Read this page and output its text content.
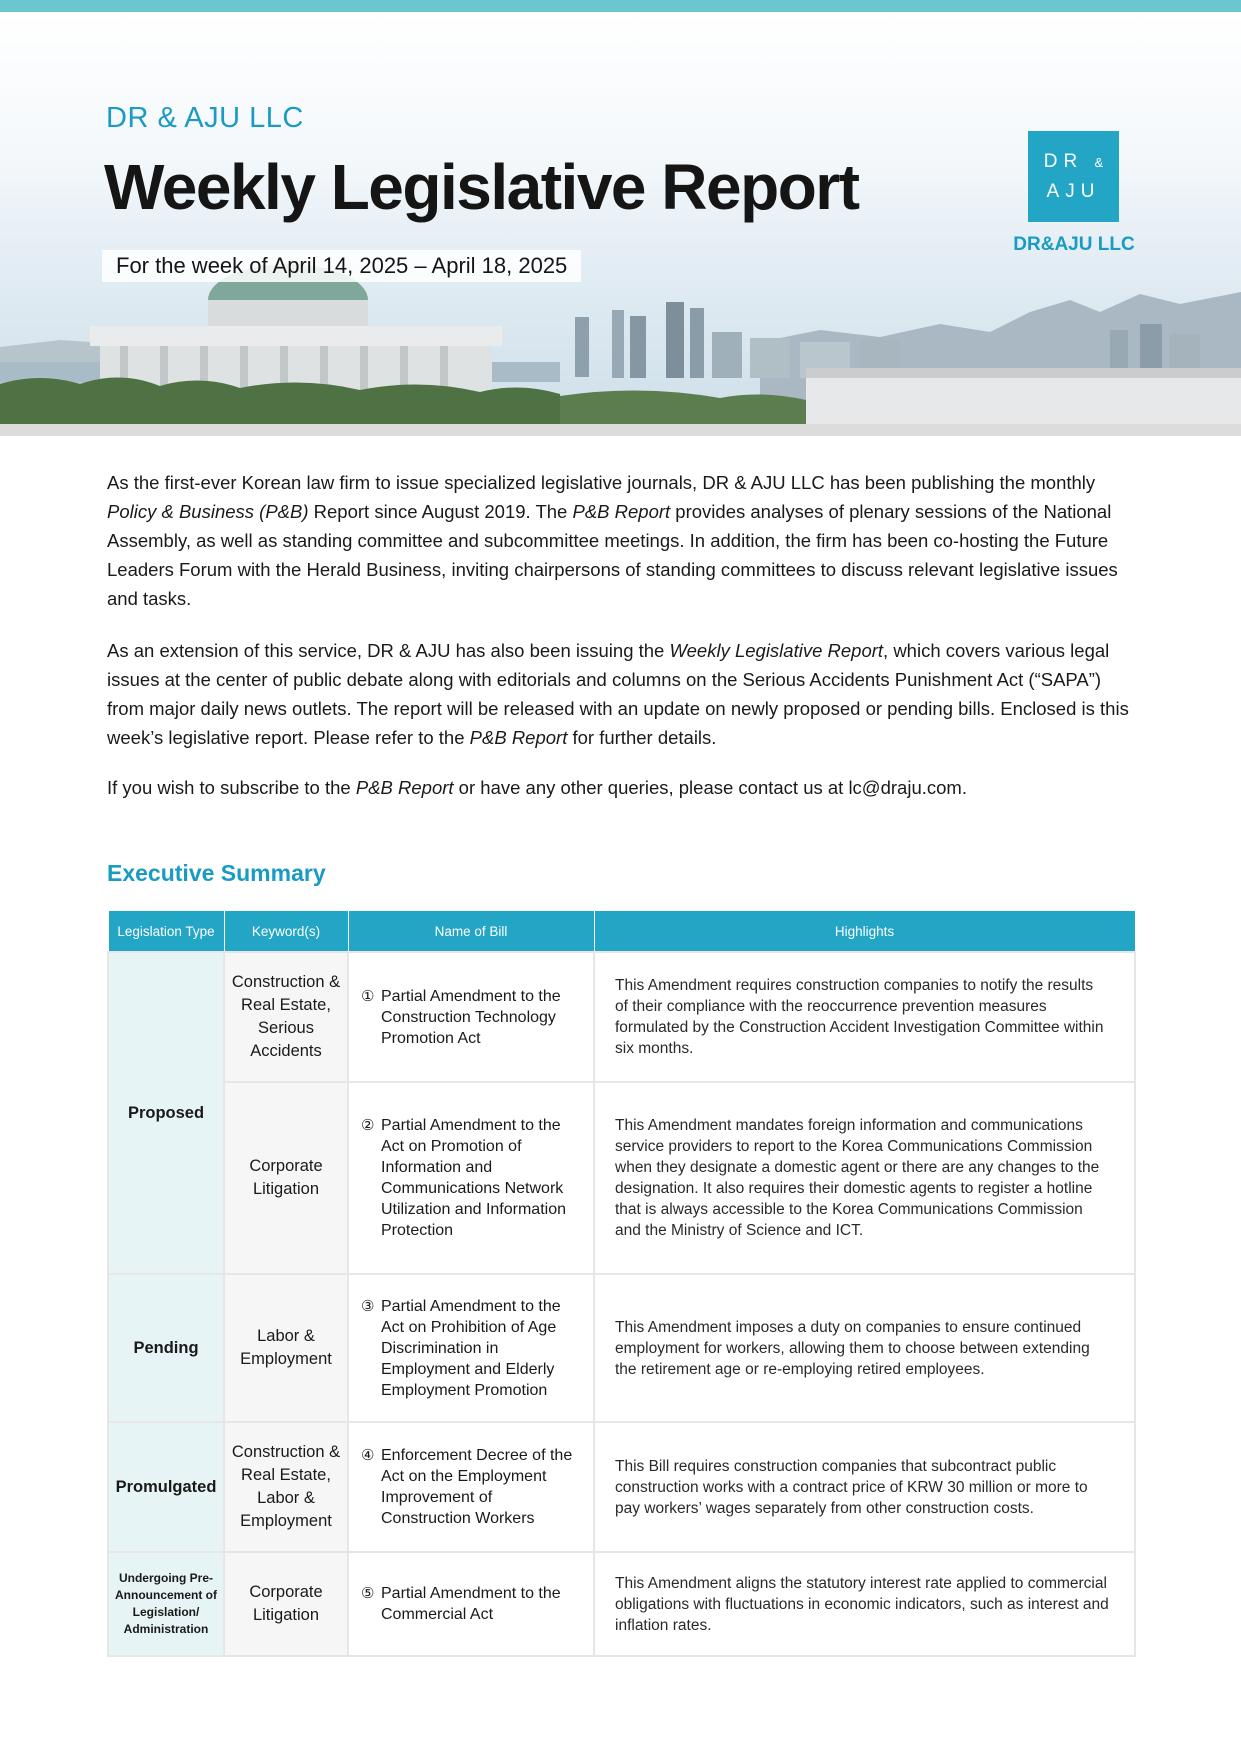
DR & AJU LLC
Weekly Legislative Report
For the week of April 14, 2025 – April 18, 2025
DR &
AJU
DR&AJU LLC

As the first-ever Korean law firm to issue specialized legislative journals, DR & AJU LLC has been publishing the monthly Policy & Business (P&B) Report since August 2019. The P&B Report provides analyses of plenary sessions of the National Assembly, as well as standing committee and subcommittee meetings. In addition, the firm has been co-hosting the Future Leaders Forum with the Herald Business, inviting chairpersons of standing committees to discuss relevant legislative issues and tasks.

As an extension of this service, DR & AJU has also been issuing the Weekly Legislative Report, which covers various legal issues at the center of public debate along with editorials and columns on the Serious Accidents Punishment Act (“SAPA”) from major daily news outlets. The report will be released with an update on newly proposed or pending bills. Enclosed is this week’s legislative report. Please refer to the P&B Report for further details.

If you wish to subscribe to the P&B Report or have any other queries, please contact us at lc@draju.com.

Executive Summary
Legislation Type	Keyword(s)	Name of Bill	Highlights
Proposed	Construction & Real Estate, Serious Accidents	① Partial Amendment to the Construction Technology Promotion Act	This Amendment requires construction companies to notify the results of their compliance with the reoccurrence prevention measures formulated by the Construction Accident Investigation Committee within six months.
	Corporate Litigation	② Partial Amendment to the Act on Promotion of Information and Communications Network Utilization and Information Protection	This Amendment mandates foreign information and communications service providers to report to the Korea Communications Commission when they designate a domestic agent or there are any changes to the designation. It also requires their domestic agents to register a hotline that is always accessible to the Korea Communications Commission and the Ministry of Science and ICT.
Pending	Labor & Employment	③ Partial Amendment to the Act on Prohibition of Age Discrimination in Employment and Elderly Employment Promotion	This Amendment imposes a duty on companies to ensure continued employment for workers, allowing them to choose between extending the retirement age or re-employing retired employees.
Promulgated	Construction & Real Estate, Labor & Employment	④ Enforcement Decree of the Act on the Employment Improvement of Construction Workers	This Bill requires construction companies that subcontract public construction works with a contract price of KRW 30 million or more to pay workers’ wages separately from other construction costs.
Undergoing Pre-Announcement of Legislation/ Administration	Corporate Litigation	⑤ Partial Amendment to the Commercial Act	This Amendment aligns the statutory interest rate applied to commercial obligations with fluctuations in economic indicators, such as interest and inflation rates.
